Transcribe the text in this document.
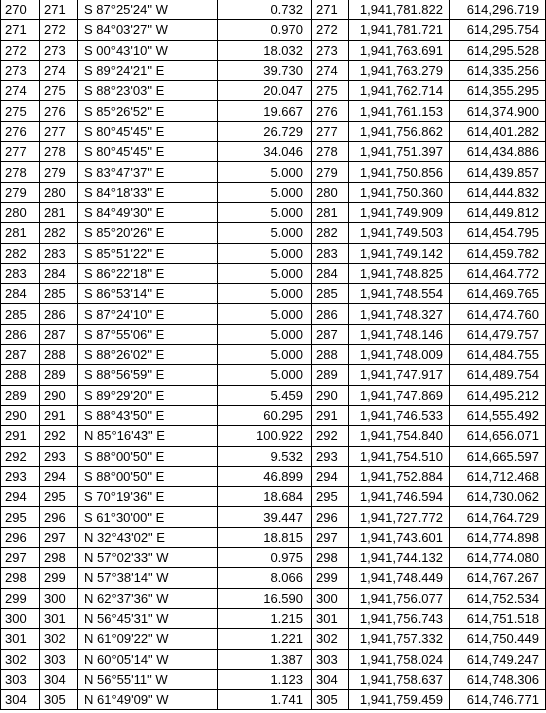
270	271	S 87°25'24" W	0.732	271	1,941,781.822	614,296.719
271	272	S 84°03'27" W	0.970	272	1,941,781.721	614,295.754
272	273	S 00°43'10" W	18.032	273	1,941,763.691	614,295.528
273	274	S 89°24'21" E	39.730	274	1,941,763.279	614,335.256
274	275	S 88°23'03" E	20.047	275	1,941,762.714	614,355.295
275	276	S 85°26'52" E	19.667	276	1,941,761.153	614,374.900
276	277	S 80°45'45" E	26.729	277	1,941,756.862	614,401.282
277	278	S 80°45'45" E	34.046	278	1,941,751.397	614,434.886
278	279	S 83°47'37" E	5.000	279	1,941,750.856	614,439.857
279	280	S 84°18'33" E	5.000	280	1,941,750.360	614,444.832
280	281	S 84°49'30" E	5.000	281	1,941,749.909	614,449.812
281	282	S 85°20'26" E	5.000	282	1,941,749.503	614,454.795
282	283	S 85°51'22" E	5.000	283	1,941,749.142	614,459.782
283	284	S 86°22'18" E	5.000	284	1,941,748.825	614,464.772
284	285	S 86°53'14" E	5.000	285	1,941,748.554	614,469.765
285	286	S 87°24'10" E	5.000	286	1,941,748.327	614,474.760
286	287	S 87°55'06" E	5.000	287	1,941,748.146	614,479.757
287	288	S 88°26'02" E	5.000	288	1,941,748.009	614,484.755
288	289	S 88°56'59" E	5.000	289	1,941,747.917	614,489.754
289	290	S 89°29'20" E	5.459	290	1,941,747.869	614,495.212
290	291	S 88°43'50" E	60.295	291	1,941,746.533	614,555.492
291	292	N 85°16'43" E	100.922	292	1,941,754.840	614,656.071
292	293	S 88°00'50" E	9.532	293	1,941,754.510	614,665.597
293	294	S 88°00'50" E	46.899	294	1,941,752.884	614,712.468
294	295	S 70°19'36" E	18.684	295	1,941,746.594	614,730.062
295	296	S 61°30'00" E	39.447	296	1,941,727.772	614,764.729
296	297	N 32°43'02" E	18.815	297	1,941,743.601	614,774.898
297	298	N 57°02'33" W	0.975	298	1,941,744.132	614,774.080
298	299	N 57°38'14" W	8.066	299	1,941,748.449	614,767.267
299	300	N 62°37'36" W	16.590	300	1,941,756.077	614,752.534
300	301	N 56°45'31" W	1.215	301	1,941,756.743	614,751.518
301	302	N 61°09'22" W	1.221	302	1,941,757.332	614,750.449
302	303	N 60°05'14" W	1.387	303	1,941,758.024	614,749.247
303	304	N 56°55'11" W	1.123	304	1,941,758.637	614,748.306
304	305	N 61°49'09" W	1.741	305	1,941,759.459	614,746.771
